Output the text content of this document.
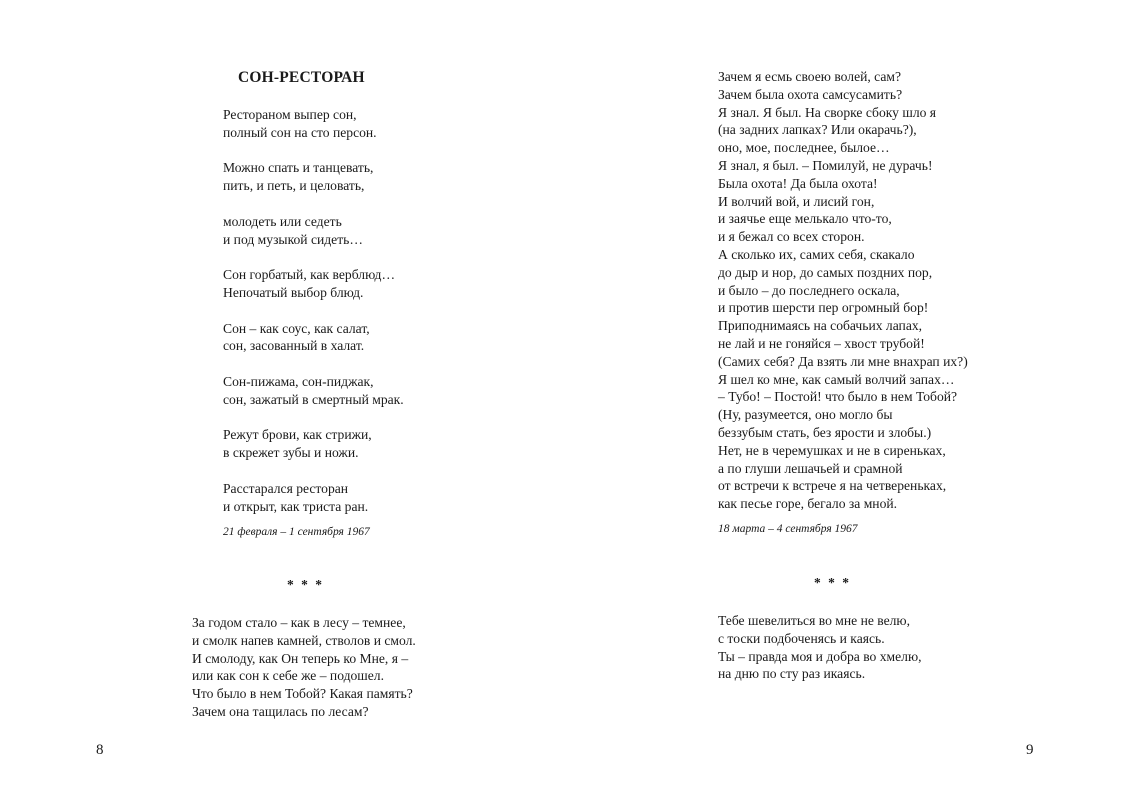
СОН-РЕСТОРАН
Рестораном выпер сон,
полный сон на сто персон.
Можно спать и танцевать,
пить, и петь, и целовать,
молодеть или седеть
и под музыкой сидеть…
Сон горбатый, как верблюд…
Непочатый выбор блюд.
Сон – как соус, как салат,
сон, засованный в халат.
Сон-пижама, сон-пиджак,
сон, зажатый в смертный мрак.
Режут брови, как стрижи,
в скрежет зубы и ножи.
Расстарался ресторан
и открыт, как триста ран.
21 февраля – 1 сентября 1967
* * *
За годом стало – как в лесу – темнее,
и смолк напев камней, стволов и смол.
И смолоду, как Он теперь ко Мне, я –
или как сон к себе же – подошел.
Что было в нем Тобой? Какая память?
Зачем она тащилась по лесам?
8
Зачем я есмь своею волей, сам?
Зачем была охота самсусамить?
Я знал. Я был. На сворке сбоку шло я
(на задних лапках? Или окарачь?),
оно, мое, последнее, былое…
Я знал, я был. – Помилуй, не дурачь!
Была охота! Да была охота!
И волчий вой, и лисий гон,
и заячье еще мелькало что-то,
и я бежал со всех сторон.
А сколько их, самих себя, скакало
до дыр и нор, до самых поздних пор,
и было – до последнего оскала,
и против шерсти пер огромный бор!
Приподнимаясь на собачьих лапах,
не лай и не гоняйся – хвост трубой!
(Самих себя? Да взять ли мне внахрап их?)
Я шел ко мне, как самый волчий запах…
– Тубо! – Постой! что было в нем Тобой?
(Ну, разумеется, оно могло бы
беззубым стать, без ярости и злобы.)
Нет, не в черемушках и не в сиреньках,
а по глуши лешачьей и срамной
от встречи к встрече я на четвереньках,
как песье горе, бегало за мной.
18 марта – 4 сентября 1967
* * *
Тебе шевелиться во мне не велю,
с тоски подбоченясь и каясь.
Ты – правда моя и добра во хмелю,
на дню по сту раз икаясь.
9
